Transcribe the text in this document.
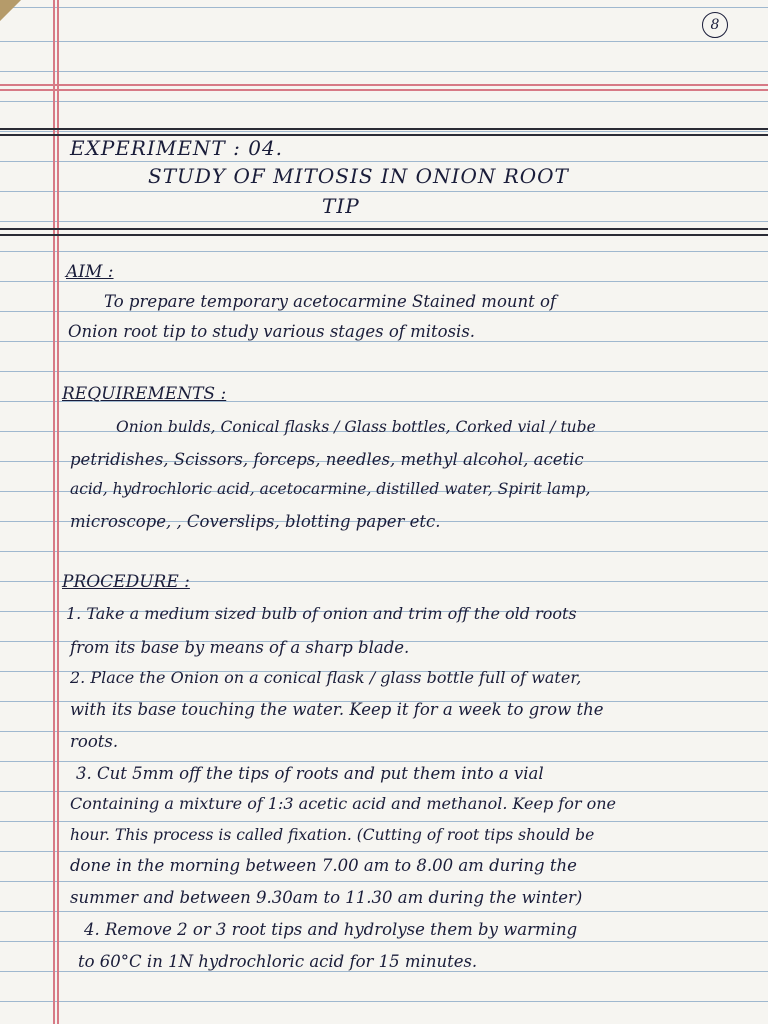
8
EXPERIMENT : 04.
STUDY OF MITOSIS IN ONION ROOT
TIP
AIM :
To prepare temporary acetocarmine Stained mount of
Onion root tip to study various stages of mitosis.
REQUIREMENTS :
Onion bulds, Conical flasks / Glass bottles, Corked vial / tube
petridishes, Scissors, forceps, needles, methyl alcohol, acetic
acid, hydrochloric acid, acetocarmine, distilled water, Spirit lamp,
microscope, , Coverslips, blotting paper etc.
PROCEDURE :
1. Take a medium sized bulb of onion and trim off the old roots
from its base by means of a sharp blade.
2. Place the Onion on a conical flask / glass bottle full of water,
with its base touching the water. Keep it for a week to grow the
roots.
3. Cut 5mm off the tips of roots and put them into a vial
Containing a mixture of 1:3 acetic acid and methanol. Keep for one
hour. This process is called fixation. (Cutting of root tips should be
done in the morning between 7.00 am to 8.00 am during the
summer and between 9.30am to 11.30 am during the winter)
4. Remove 2 or 3 root tips and hydrolyse them by warming
to 60°C in 1N hydrochloric acid for 15 minutes.
